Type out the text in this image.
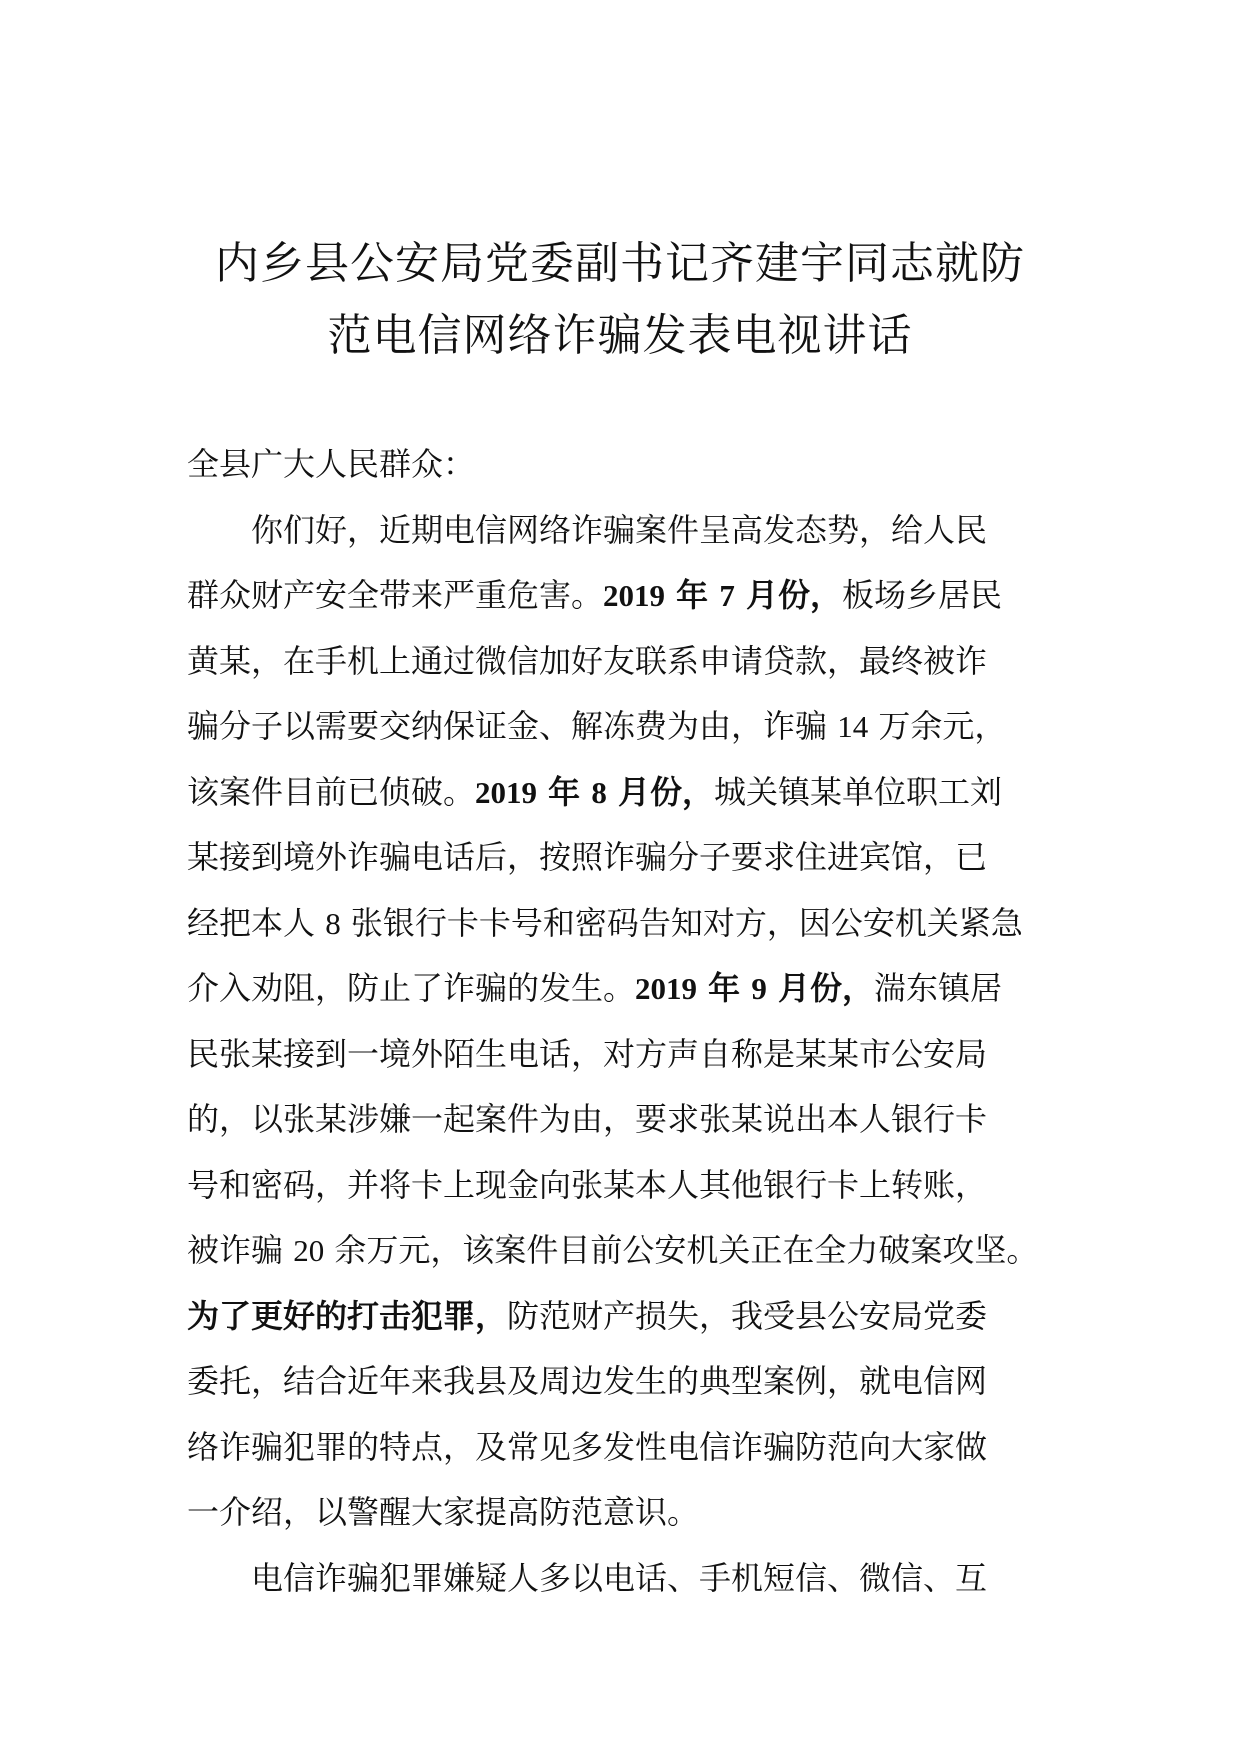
内乡县公安局党委副书记齐建宇同志就防
范电信网络诈骗发表电视讲话
全县广大人民群众：
你们好，近期电信网络诈骗案件呈高发态势，给人民
群众财产安全带来严重危害。2019 年 7 月份，板场乡居民
黄某，在手机上通过微信加好友联系申请贷款，最终被诈
骗分子以需要交纳保证金、解冻费为由，诈骗 14 万余元，
该案件目前已侦破。2019 年 8 月份，城关镇某单位职工刘
某接到境外诈骗电话后，按照诈骗分子要求住进宾馆，已
经把本人 8 张银行卡卡号和密码告知对方，因公安机关紧急
介入劝阻，防止了诈骗的发生。2019 年 9 月份，湍东镇居
民张某接到一境外陌生电话，对方声自称是某某市公安局
的，以张某涉嫌一起案件为由，要求张某说出本人银行卡
号和密码，并将卡上现金向张某本人其他银行卡上转账，
被诈骗 20 余万元，该案件目前公安机关正在全力破案攻坚。
为了更好的打击犯罪，防范财产损失，我受县公安局党委
委托，结合近年来我县及周边发生的典型案例，就电信网
络诈骗犯罪的特点，及常见多发性电信诈骗防范向大家做
一介绍，以警醒大家提高防范意识。
电信诈骗犯罪嫌疑人多以电话、手机短信、微信、互
